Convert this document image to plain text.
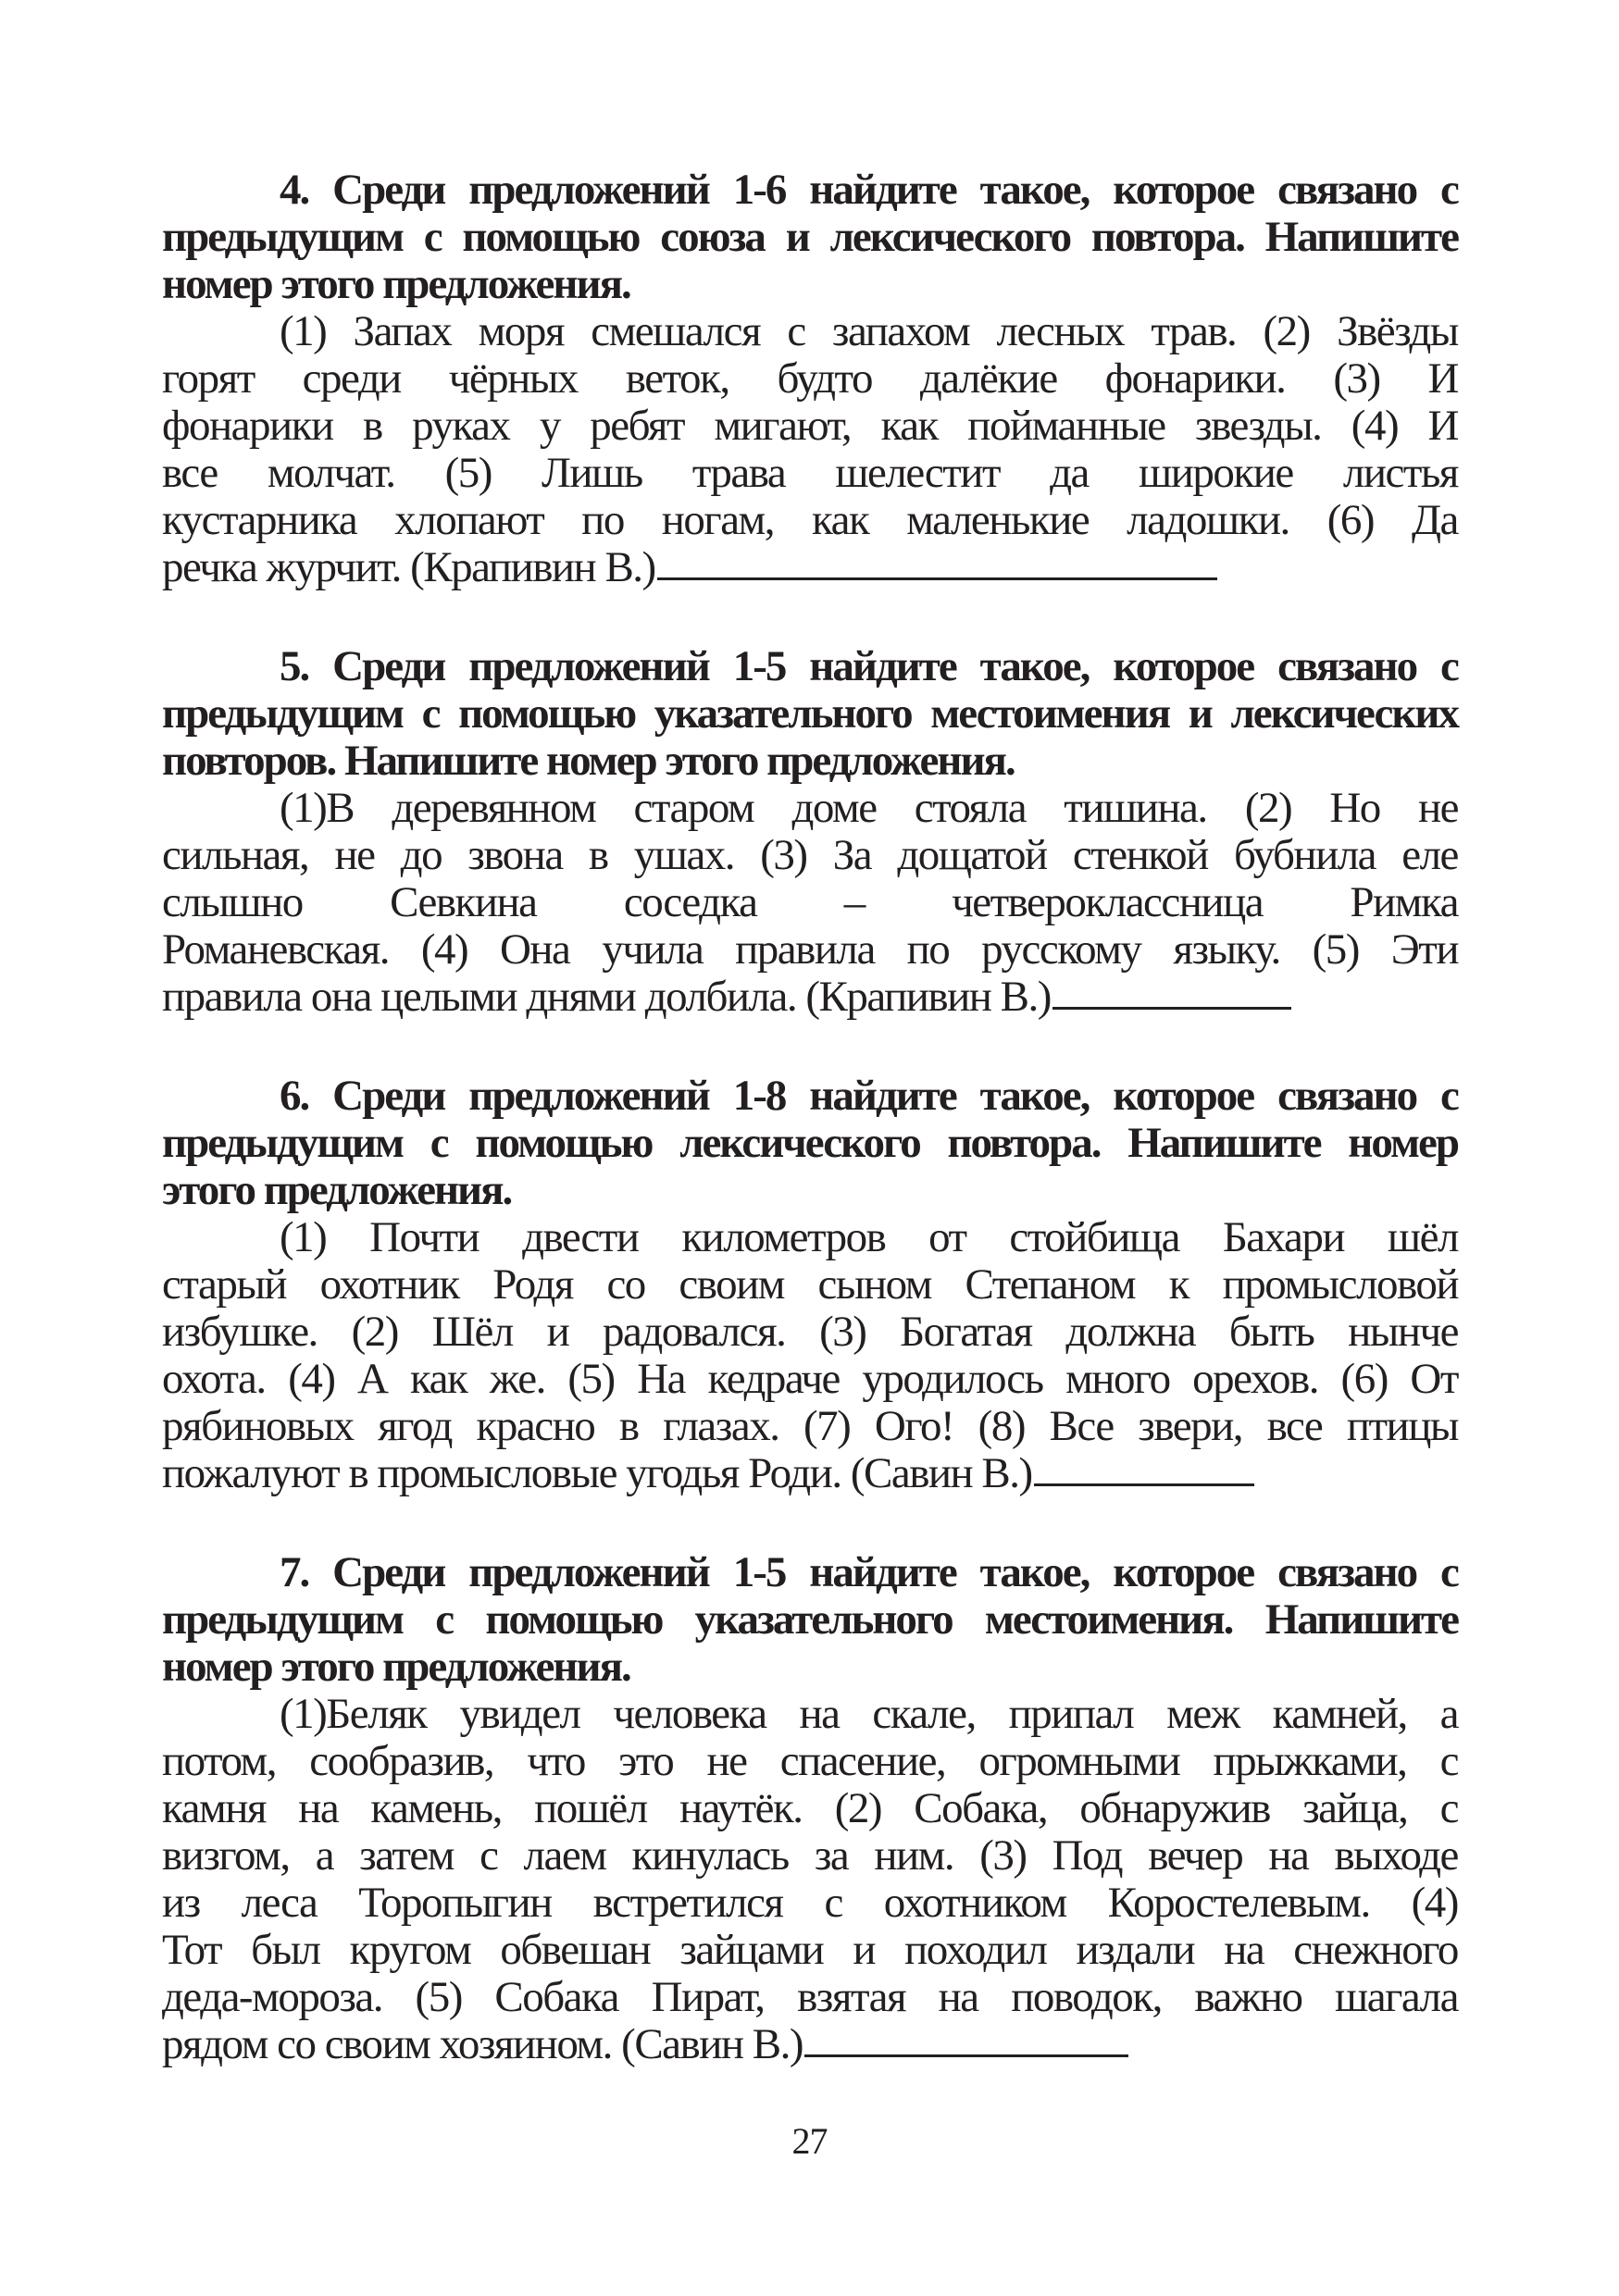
4. Среди предложений 1-6 найдите такое, которое связано с
предыдущим с помощью союза и лексического повтора. Напишите
номер этого предложения.
(1) Запах моря смешался с запахом лесных трав. (2) Звёзды
горят среди чёрных веток, будто далёкие фонарики. (3) И
фонарики в руках у ребят мигают, как пойманные звезды. (4) И
все молчат. (5) Лишь трава шелестит да широкие листья
кустарника хлопают по ногам, как маленькие ладошки. (6) Да
речка журчит. (Крапивин В.)
5. Среди предложений 1-5 найдите такое, которое связано с
предыдущим с помощью указательного местоимения и лексических
повторов. Напишите номер этого предложения.
(1)В деревянном старом доме стояла тишина. (2) Но не
сильная, не до звона в ушах. (3) За дощатой стенкой бубнила еле
слышно Севкина соседка – четвероклассница Римка
Романевская. (4) Она учила правила по русскому языку. (5) Эти
правила она целыми днями долбила. (Крапивин В.)
6. Среди предложений 1-8 найдите такое, которое связано с
предыдущим с помощью лексического повтора. Напишите номер
этого предложения.
(1) Почти двести километров от стойбища Бахари шёл
старый охотник Родя со своим сыном Степаном к промысловой
избушке. (2) Шёл и радовался. (3) Богатая должна быть нынче
охота. (4) А как же. (5) На кедраче уродилось много орехов. (6) От
рябиновых ягод красно в глазах. (7) Ого! (8) Все звери, все птицы
пожалуют в промысловые угодья Роди. (Савин В.)
7. Среди предложений 1-5 найдите такое, которое связано с
предыдущим с помощью указательного местоимения. Напишите
номер этого предложения.
(1)Беляк увидел человека на скале, припал меж камней, а
потом, сообразив, что это не спасение, огромными прыжками, с
камня на камень, пошёл наутёк. (2) Собака, обнаружив зайца, с
визгом, а затем с лаем кинулась за ним. (3) Под вечер на выходе
из леса Торопыгин встретился с охотником Коростелевым. (4)
Тот был кругом обвешан зайцами и походил издали на снежного
деда-мороза. (5) Собака Пират, взятая на поводок, важно шагала
рядом со своим хозяином. (Савин В.)
27
